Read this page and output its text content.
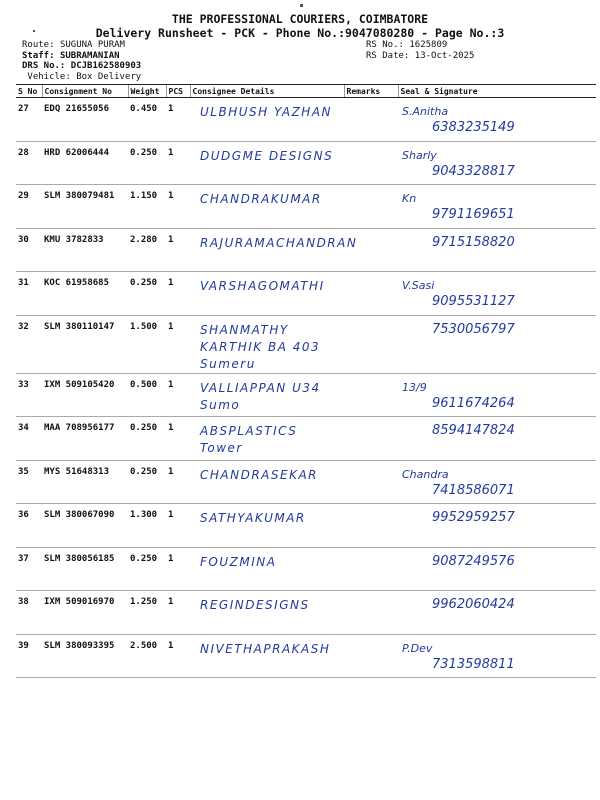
THE PROFESSIONAL COURIERS, COIMBATORE
Delivery Runsheet - PCK - Phone No.:9047080280 - Page No.:3
Route: SUGUNA PURAM
Staff: SUBRAMANIAN
DRS No.: DCJB162580903
Vehicle: Box Delivery
RS No.: 1625809
RS Date: 13-Oct-2025
S No	Consignment No	Weight	PCS	Consignee Details	Remarks	Seal & Signature
27	EDQ 21655056	0.450	1	ULBHUSH YAZHAN		S.Anitha
6383235149

28	HRD 62006444	0.250	1	DUDGME DESIGNS		Sharly
9043328817

29	SLM 380079481	1.150	1	CHANDRAKUMAR		Kn
9791169651

30	KMU 3782833	2.280	1	RAJURAMACHANDRAN		9715158820

31	KOC 61958685	0.250	1	VARSHAGOMATHI		V.Sasi
9095531127

32	SLM 380110147	1.500	1	SHANMATHY KARTHIK BA 403 Sumeru		7530056797

33	IXM 509105420	0.500	1	VALLIAPPAN U34 Sumo		13/9
9611674264

34	MAA 708956177	0.250	1	ABSPLASTICS Tower		8594147824

35	MYS 51648313	0.250	1	CHANDRASEKAR		Chandra
7418586071

36	SLM 380067090	1.300	1	SATHYAKUMAR		9952959257

37	SLM 380056185	0.250	1	FOUZMINA		9087249576

38	IXM 509016970	1.250	1	REGINDESIGNS		9962060424

39	SLM 380093395	2.500	1	NIVETHAPRAKASH		P.Dev
7313598811
